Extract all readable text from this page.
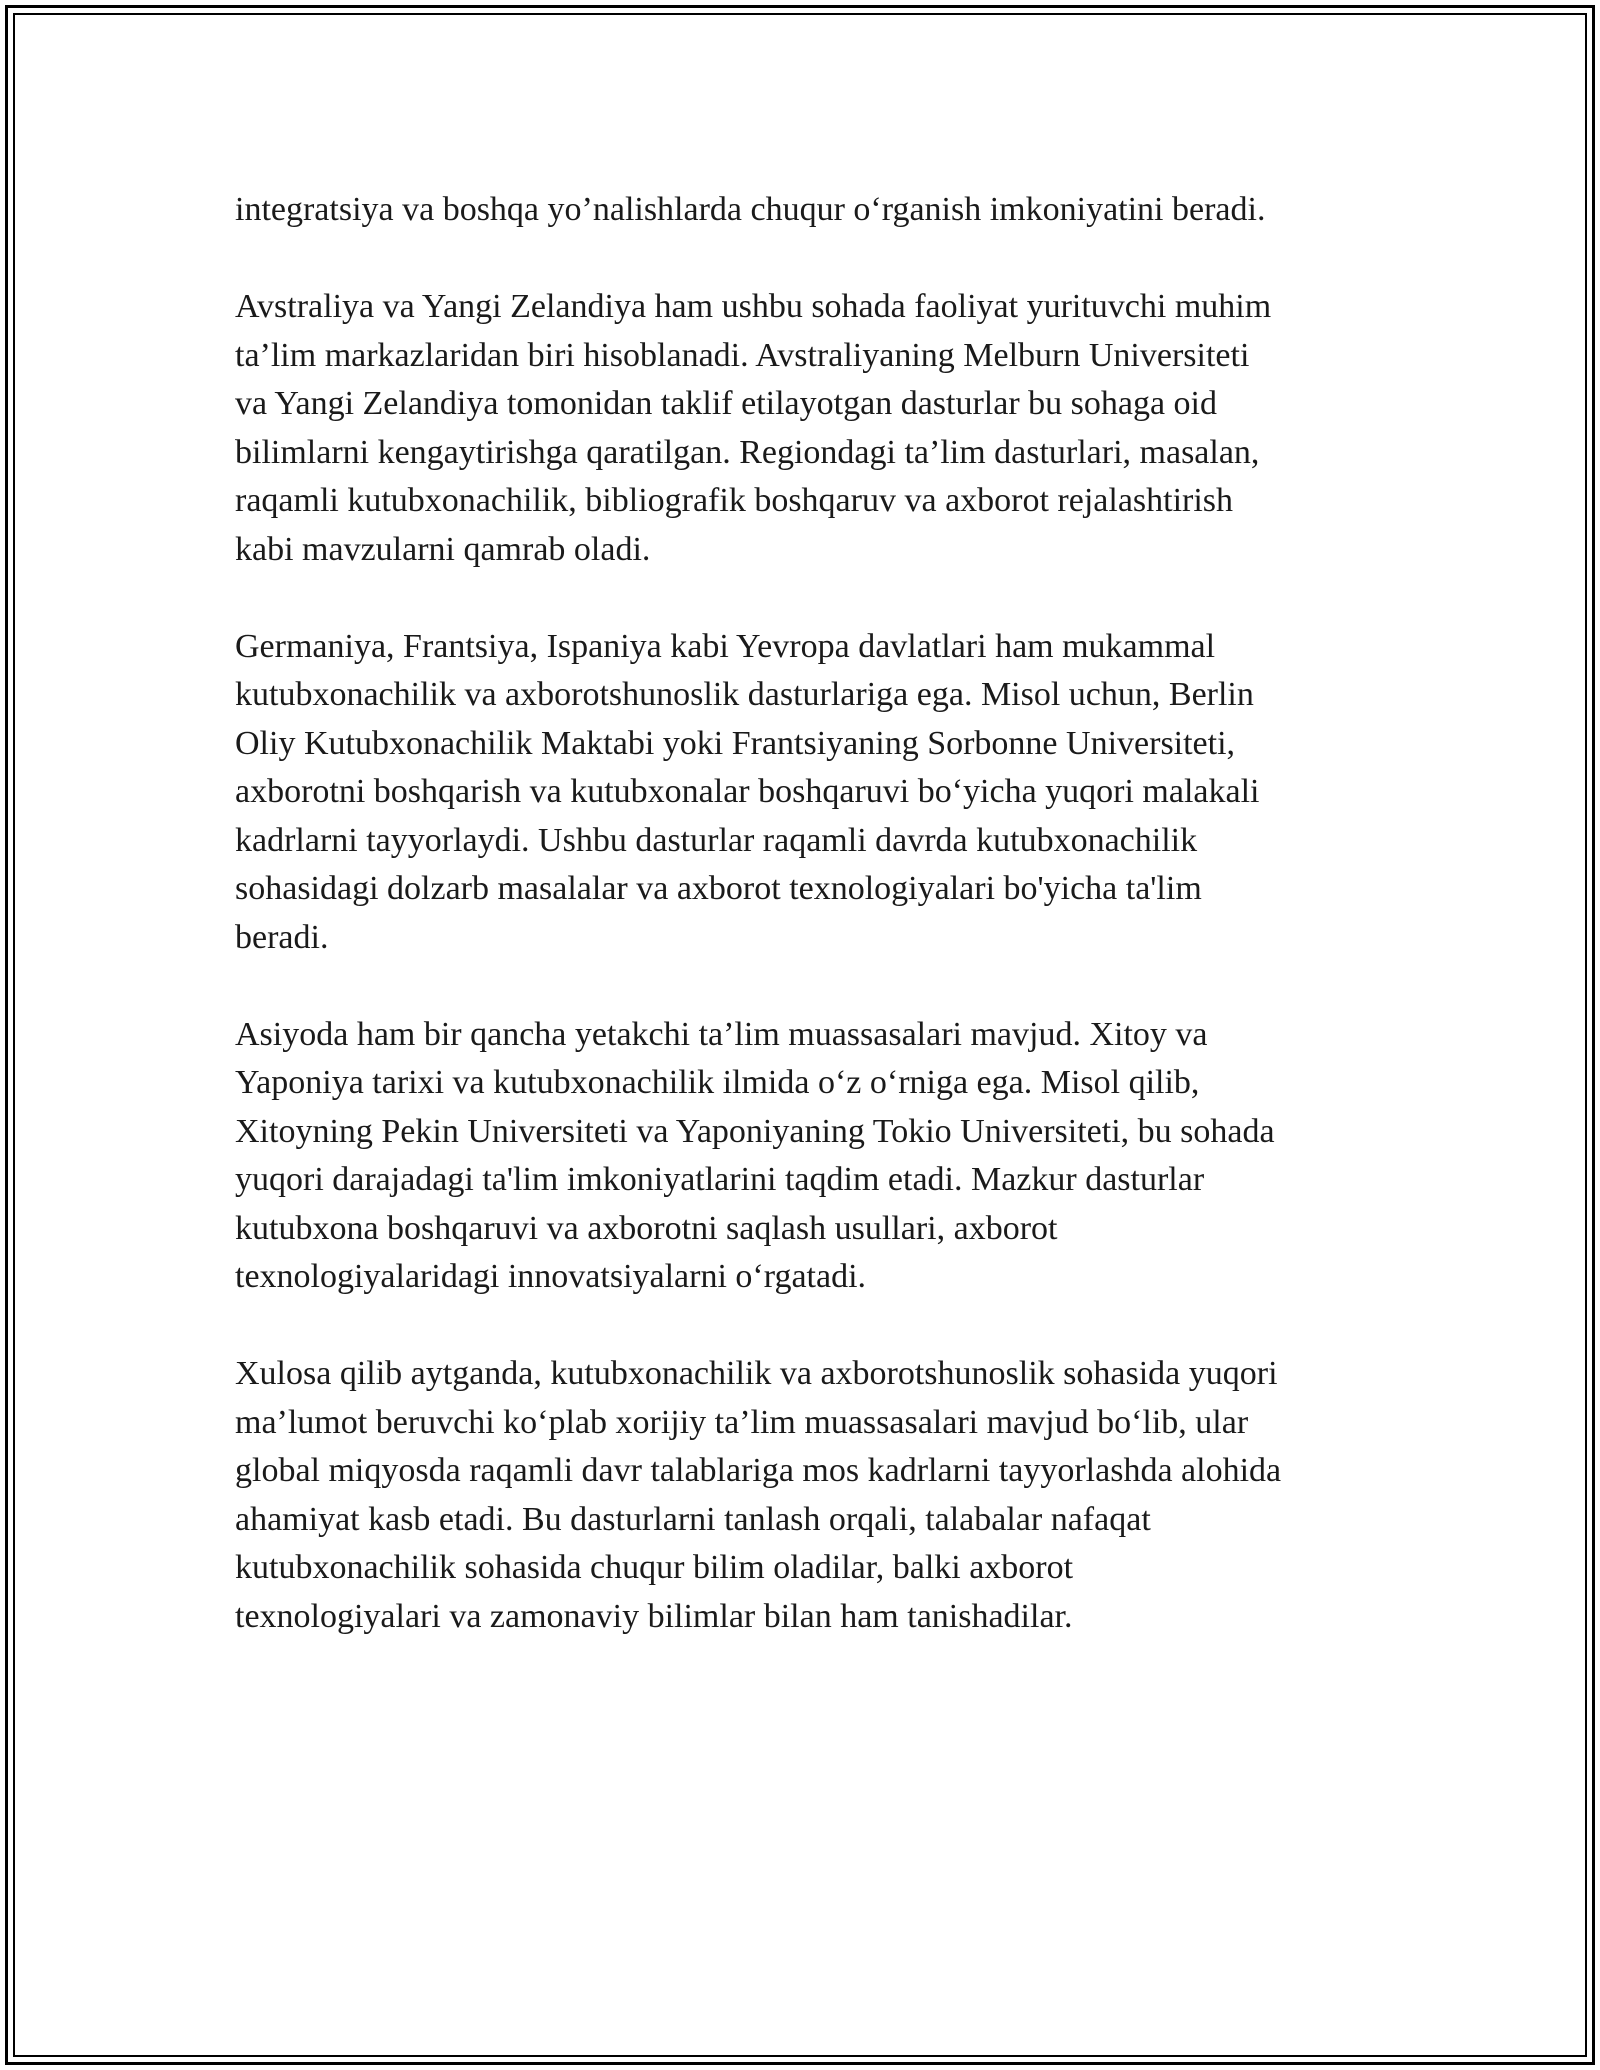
integratsiya va boshqa yo’nalishlarda chuqur o‘rganish imkoniyatini beradi.

Avstraliya va Yangi Zelandiya ham ushbu sohada faoliyat yurituvchi muhim
ta’lim markazlaridan biri hisoblanadi. Avstraliyaning Melburn Universiteti
va Yangi Zelandiya tomonidan taklif etilayotgan dasturlar bu sohaga oid
bilimlarni kengaytirishga qaratilgan. Regiondagi ta’lim dasturlari, masalan,
raqamli kutubxonachilik, bibliografik boshqaruv va axborot rejalashtirish
kabi mavzularni qamrab oladi.

Germaniya, Frantsiya, Ispaniya kabi Yevropa davlatlari ham mukammal
kutubxonachilik va axborotshunoslik dasturlariga ega. Misol uchun, Berlin
Oliy Kutubxonachilik Maktabi yoki Frantsiyaning Sorbonne Universiteti,
axborotni boshqarish va kutubxonalar boshqaruvi bo‘yicha yuqori malakali
kadrlarni tayyorlaydi. Ushbu dasturlar raqamli davrda kutubxonachilik
sohasidagi dolzarb masalalar va axborot texnologiyalari bo'yicha ta'lim
beradi.

Asiyoda ham bir qancha yetakchi ta’lim muassasalari mavjud. Xitoy va
Yaponiya tarixi va kutubxonachilik ilmida o‘z o‘rniga ega. Misol qilib,
Xitoyning Pekin Universiteti va Yaponiyaning Tokio Universiteti, bu sohada
yuqori darajadagi ta'lim imkoniyatlarini taqdim etadi. Mazkur dasturlar
kutubxona boshqaruvi va axborotni saqlash usullari, axborot
texnologiyalaridagi innovatsiyalarni o‘rgatadi.

Xulosa qilib aytganda, kutubxonachilik va axborotshunoslik sohasida yuqori
ma’lumot beruvchi ko‘plab xorijiy ta’lim muassasalari mavjud bo‘lib, ular
global miqyosda raqamli davr talablariga mos kadrlarni tayyorlashda alohida
ahamiyat kasb etadi. Bu dasturlarni tanlash orqali, talabalar nafaqat
kutubxonachilik sohasida chuqur bilim oladilar, balki axborot
texnologiyalari va zamonaviy bilimlar bilan ham tanishadilar.
